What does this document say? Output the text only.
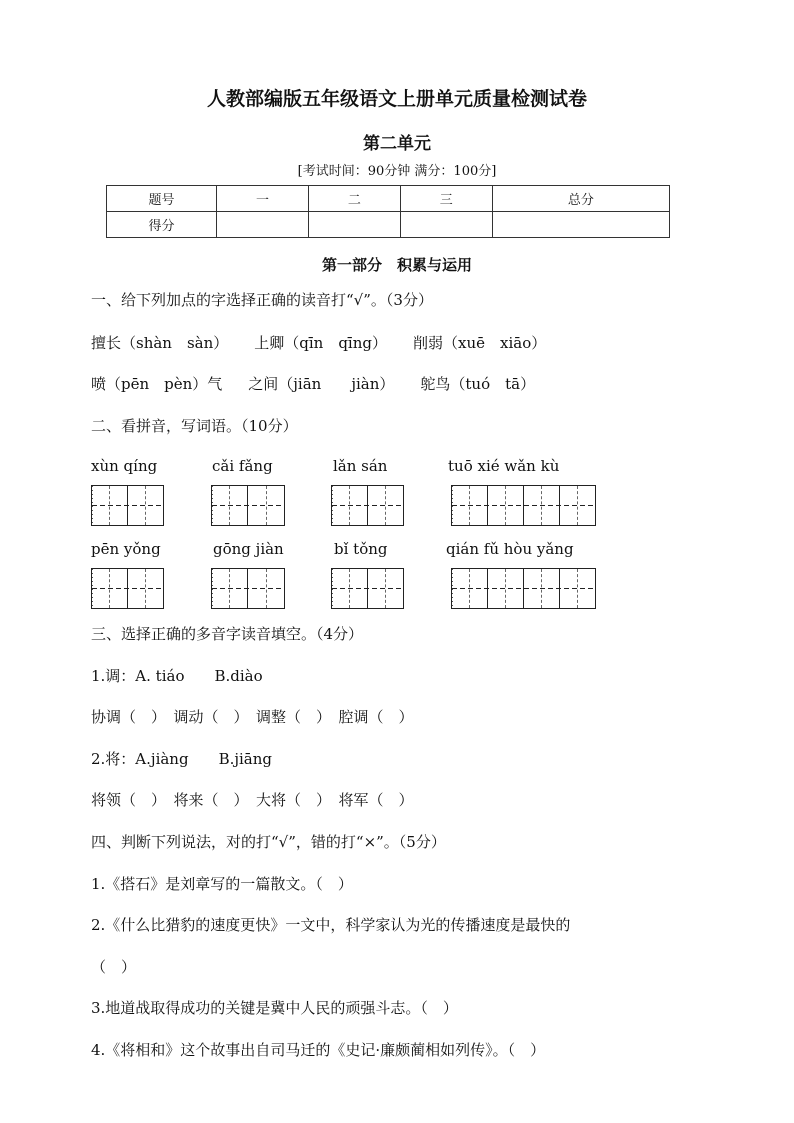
人教部编版五年级语文上册单元质量检测试卷
第二单元
[考试时间：90分钟 满分：100分]
题号	一	二	三	总分
得分				
第一部分　积累与运用
一、给下列加点的字选择正确的读音打“√”。（3分）
擅长（shàn　sàn） 上卿（qīn　qīng） 削弱（xuē　xiāo）
喷（pēn　pèn）气 之间（jiān　　jiàn） 鸵鸟（tuó　tā）
二、看拼音，写词语。（10分）
xùn qíng	cǎi fǎng	lǎn sán	tuō xié wǎn kù
pēn yǒng	gōng jiàn	bǐ tǒng	qián fǔ hòu yǎng
三、选择正确的多音字读音填空。（4分）
1.调：A. tiáo　　B.diào
协调（　）　调动（　）　调整（　）　腔调（　）
2.将：A.jiàng　　B.jiāng
将领（　）　将来（　）　大将（　）　将军（　）
四、判断下列说法，对的打“√”，错的打“×”。（5分）
1.《搭石》是刘章写的一篇散文。（　）
2.《什么比猎豹的速度更快》一文中，科学家认为光的传播速度是最快的
（　）
3.地道战取得成功的关键是冀中人民的顽强斗志。（　）
4.《将相和》这个故事出自司马迁的《史记·廉颇蔺相如列传》。（　）
